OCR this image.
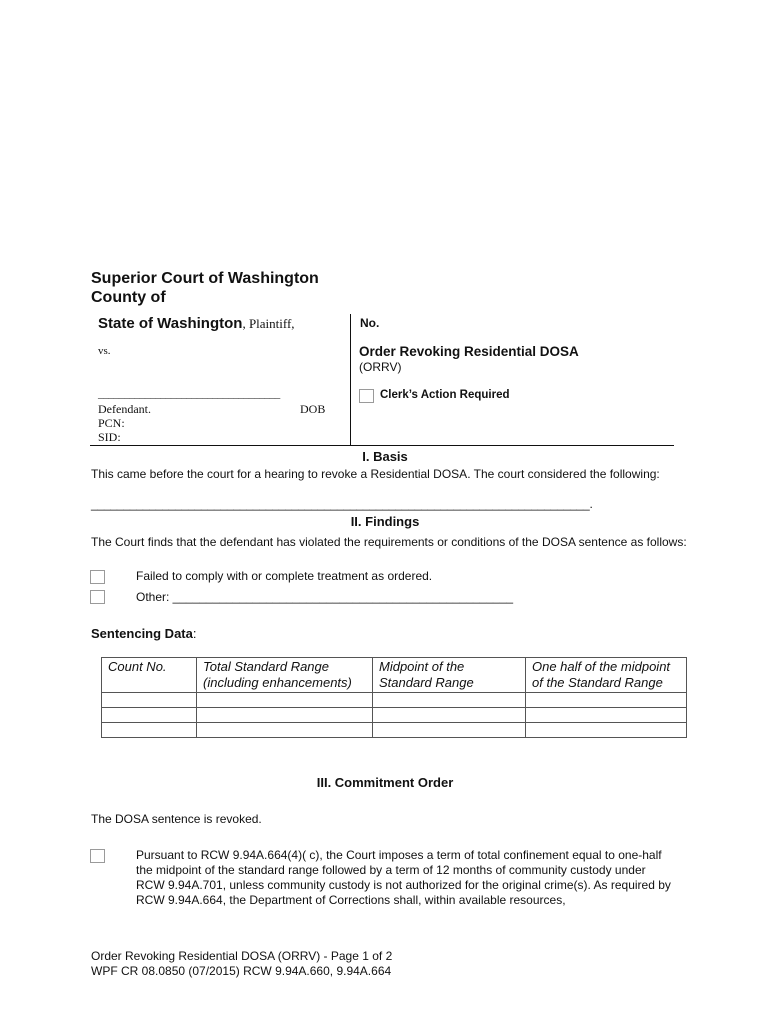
Superior Court of Washington
County of
State of Washington, Plaintiff,
vs.
___________________________________
Defendant.	DOB
PCN:
SID:
No.
Order Revoking Residential DOSA
(ORRV)
Clerk’s Action Required
I. Basis
This came before the court for a hearing to revoke a Residential DOSA. The court considered the following:
_____________________________________________________________________________.
II. Findings
The Court finds that the defendant has violated the requirements or conditions of the DOSA sentence as follows:
Failed to comply with or complete treatment as ordered.
Other: ___________________________________________________
Sentencing Data:
Count No.	Total Standard Range (including enhancements)	Midpoint of the Standard Range	One half of the midpoint of the Standard Range

III. Commitment Order
The DOSA sentence is revoked.
Pursuant to RCW 9.94A.664(4)( c), the Court imposes a term of total confinement equal to one-half the midpoint of the standard range followed by a term of 12 months of community custody under RCW 9.94A.701, unless community custody is not authorized for the original crime(s). As required by RCW 9.94A.664, the Department of Corrections shall, within available resources,
Order Revoking Residential DOSA (ORRV) - Page 1 of 2
WPF CR 08.0850 (07/2015) RCW 9.94A.660, 9.94A.664
